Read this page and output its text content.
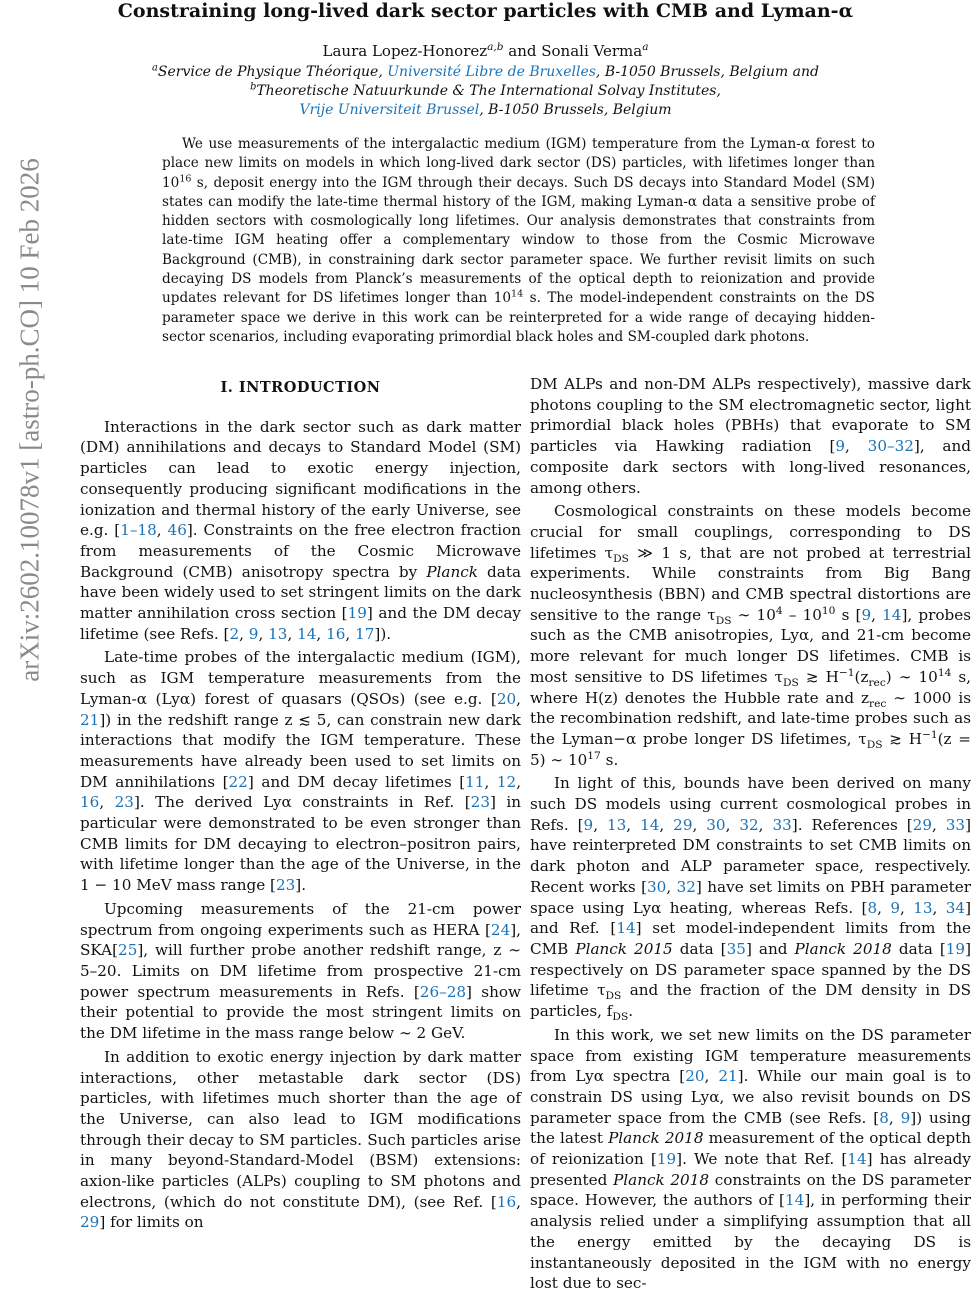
arXiv:2602.10078v1 [astro-ph.CO] 10 Feb 2026
Constraining long-lived dark sector particles with CMB and Lyman-α
Laura Lopez-Honorez$^{a,b}$ and Sonali Verma$^a$
$^a$Service de Physique Théorique, Université Libre de Bruxelles, B-1050 Brussels, Belgium and
$^b$Theoretische Natuurkunde & The International Solvay Institutes,
Vrije Universiteit Brussel, B-1050 Brussels, Belgium

We use measurements of the intergalactic medium (IGM) temperature from the Lyman-α forest to place new limits on models in which long-lived dark sector (DS) particles, with lifetimes longer than $10^{16}$ s, deposit energy into the IGM through their decays. Such DS decays into Standard Model (SM) states can modify the late-time thermal history of the IGM, making Lyman-α data a sensitive probe of hidden sectors with cosmologically long lifetimes. Our analysis demonstrates that constraints from late-time IGM heating offer a complementary window to those from the Cosmic Microwave Background (CMB), in constraining dark sector parameter space. We further revisit limits on such decaying DS models from Planck’s measurements of the optical depth to reionization and provide updates relevant for DS lifetimes longer than $10^{14}$ s. The model-independent constraints on the DS parameter space we derive in this work can be reinterpreted for a wide range of decaying hidden-sector scenarios, including evaporating primordial black holes and SM-coupled dark photons.

I. INTRODUCTION

Interactions in the dark sector such as dark matter (DM) annihilations and decays to Standard Model (SM) particles can lead to exotic energy injection, consequently producing significant modifications in the ionization and thermal history of the early Universe, see e.g. [1–18, 46]. Constraints on the free electron fraction from measurements of the Cosmic Microwave Background (CMB) anisotropy spectra by Planck data have been widely used to set stringent limits on the dark matter annihilation cross section [19] and the DM decay lifetime (see Refs. [2, 9, 13, 14, 16, 17]).

Late-time probes of the intergalactic medium (IGM), such as IGM temperature measurements from the Lyman-α (Lyα) forest of quasars (QSOs) (see e.g. [20, 21]) in the redshift range z ≲ 5, can constrain new dark interactions that modify the IGM temperature. These measurements have already been used to set limits on DM annihilations [22] and DM decay lifetimes [11, 12, 16, 23]. The derived Lyα constraints in Ref. [23] in particular were demonstrated to be even stronger than CMB limits for DM decaying to electron–positron pairs, with lifetime longer than the age of the Universe, in the 1 − 10 MeV mass range [23].

Upcoming measurements of the 21-cm power spectrum from ongoing experiments such as HERA [24], SKA[25], will further probe another redshift range, z ∼ 5–20. Limits on DM lifetime from prospective 21-cm power spectrum measurements in Refs. [26–28] show their potential to provide the most stringent limits on the DM lifetime in the mass range below ∼ 2 GeV.

In addition to exotic energy injection by dark matter interactions, other metastable dark sector (DS) particles, with lifetimes much shorter than the age of the Universe, can also lead to IGM modifications through their decay to SM particles. Such particles arise in many beyond-Standard-Model (BSM) extensions: axion-like particles (ALPs) coupling to SM photons and electrons, (which do not constitute DM), (see Ref. [16, 29] for limits on

DM ALPs and non-DM ALPs respectively), massive dark photons coupling to the SM electromagnetic sector, light primordial black holes (PBHs) that evaporate to SM particles via Hawking radiation [9, 30–32], and composite dark sectors with long-lived resonances, among others.

Cosmological constraints on these models become crucial for small couplings, corresponding to DS lifetimes $\tau_{DS}$ ≫ 1 s, that are not probed at terrestrial experiments. While constraints from Big Bang nucleosynthesis (BBN) and CMB spectral distortions are sensitive to the range $\tau_{DS}$ ∼ $10^4 - 10^{10}$ s [9, 14], probes such as the CMB anisotropies, Lyα, and 21-cm become more relevant for much longer DS lifetimes. CMB is most sensitive to DS lifetimes $\tau_{DS}$ ≳ $H^{-1}(z_{rec})$ ∼ $10^{14}$ s, where H(z) denotes the Hubble rate and $z_{rec}$ ∼ 1000 is the recombination redshift, and late-time probes such as the Lyman−α probe longer DS lifetimes, $\tau_{DS}$ ≳ $H^{-1}(z = 5)$ ∼ $10^{17}$ s.

In light of this, bounds have been derived on many such DS models using current cosmological probes in Refs. [9, 13, 14, 29, 30, 32, 33]. References [29, 33] have reinterpreted DM constraints to set CMB limits on dark photon and ALP parameter space, respectively. Recent works [30, 32] have set limits on PBH parameter space using Lyα heating, whereas Refs. [8, 9, 13, 34] and Ref. [14] set model-independent limits from the CMB Planck 2015 data [35] and Planck 2018 data [19] respectively on DS parameter space spanned by the DS lifetime $\tau_{DS}$ and the fraction of the DM density in DS particles, $f_{DS}$.

In this work, we set new limits on the DS parameter space from existing IGM temperature measurements from Lyα spectra [20, 21]. While our main goal is to constrain DS using Lyα, we also revisit bounds on DS parameter space from the CMB (see Refs. [8, 9]) using the latest Planck 2018 measurement of the optical depth of reionization [19]. We note that Ref. [14] has already presented Planck 2018 constraints on the DS parameter space. However, the authors of [14], in performing their analysis relied under a simplifying assumption that all the energy emitted by the decaying DS is instantaneously deposited in the IGM with no energy lost due to sec-
